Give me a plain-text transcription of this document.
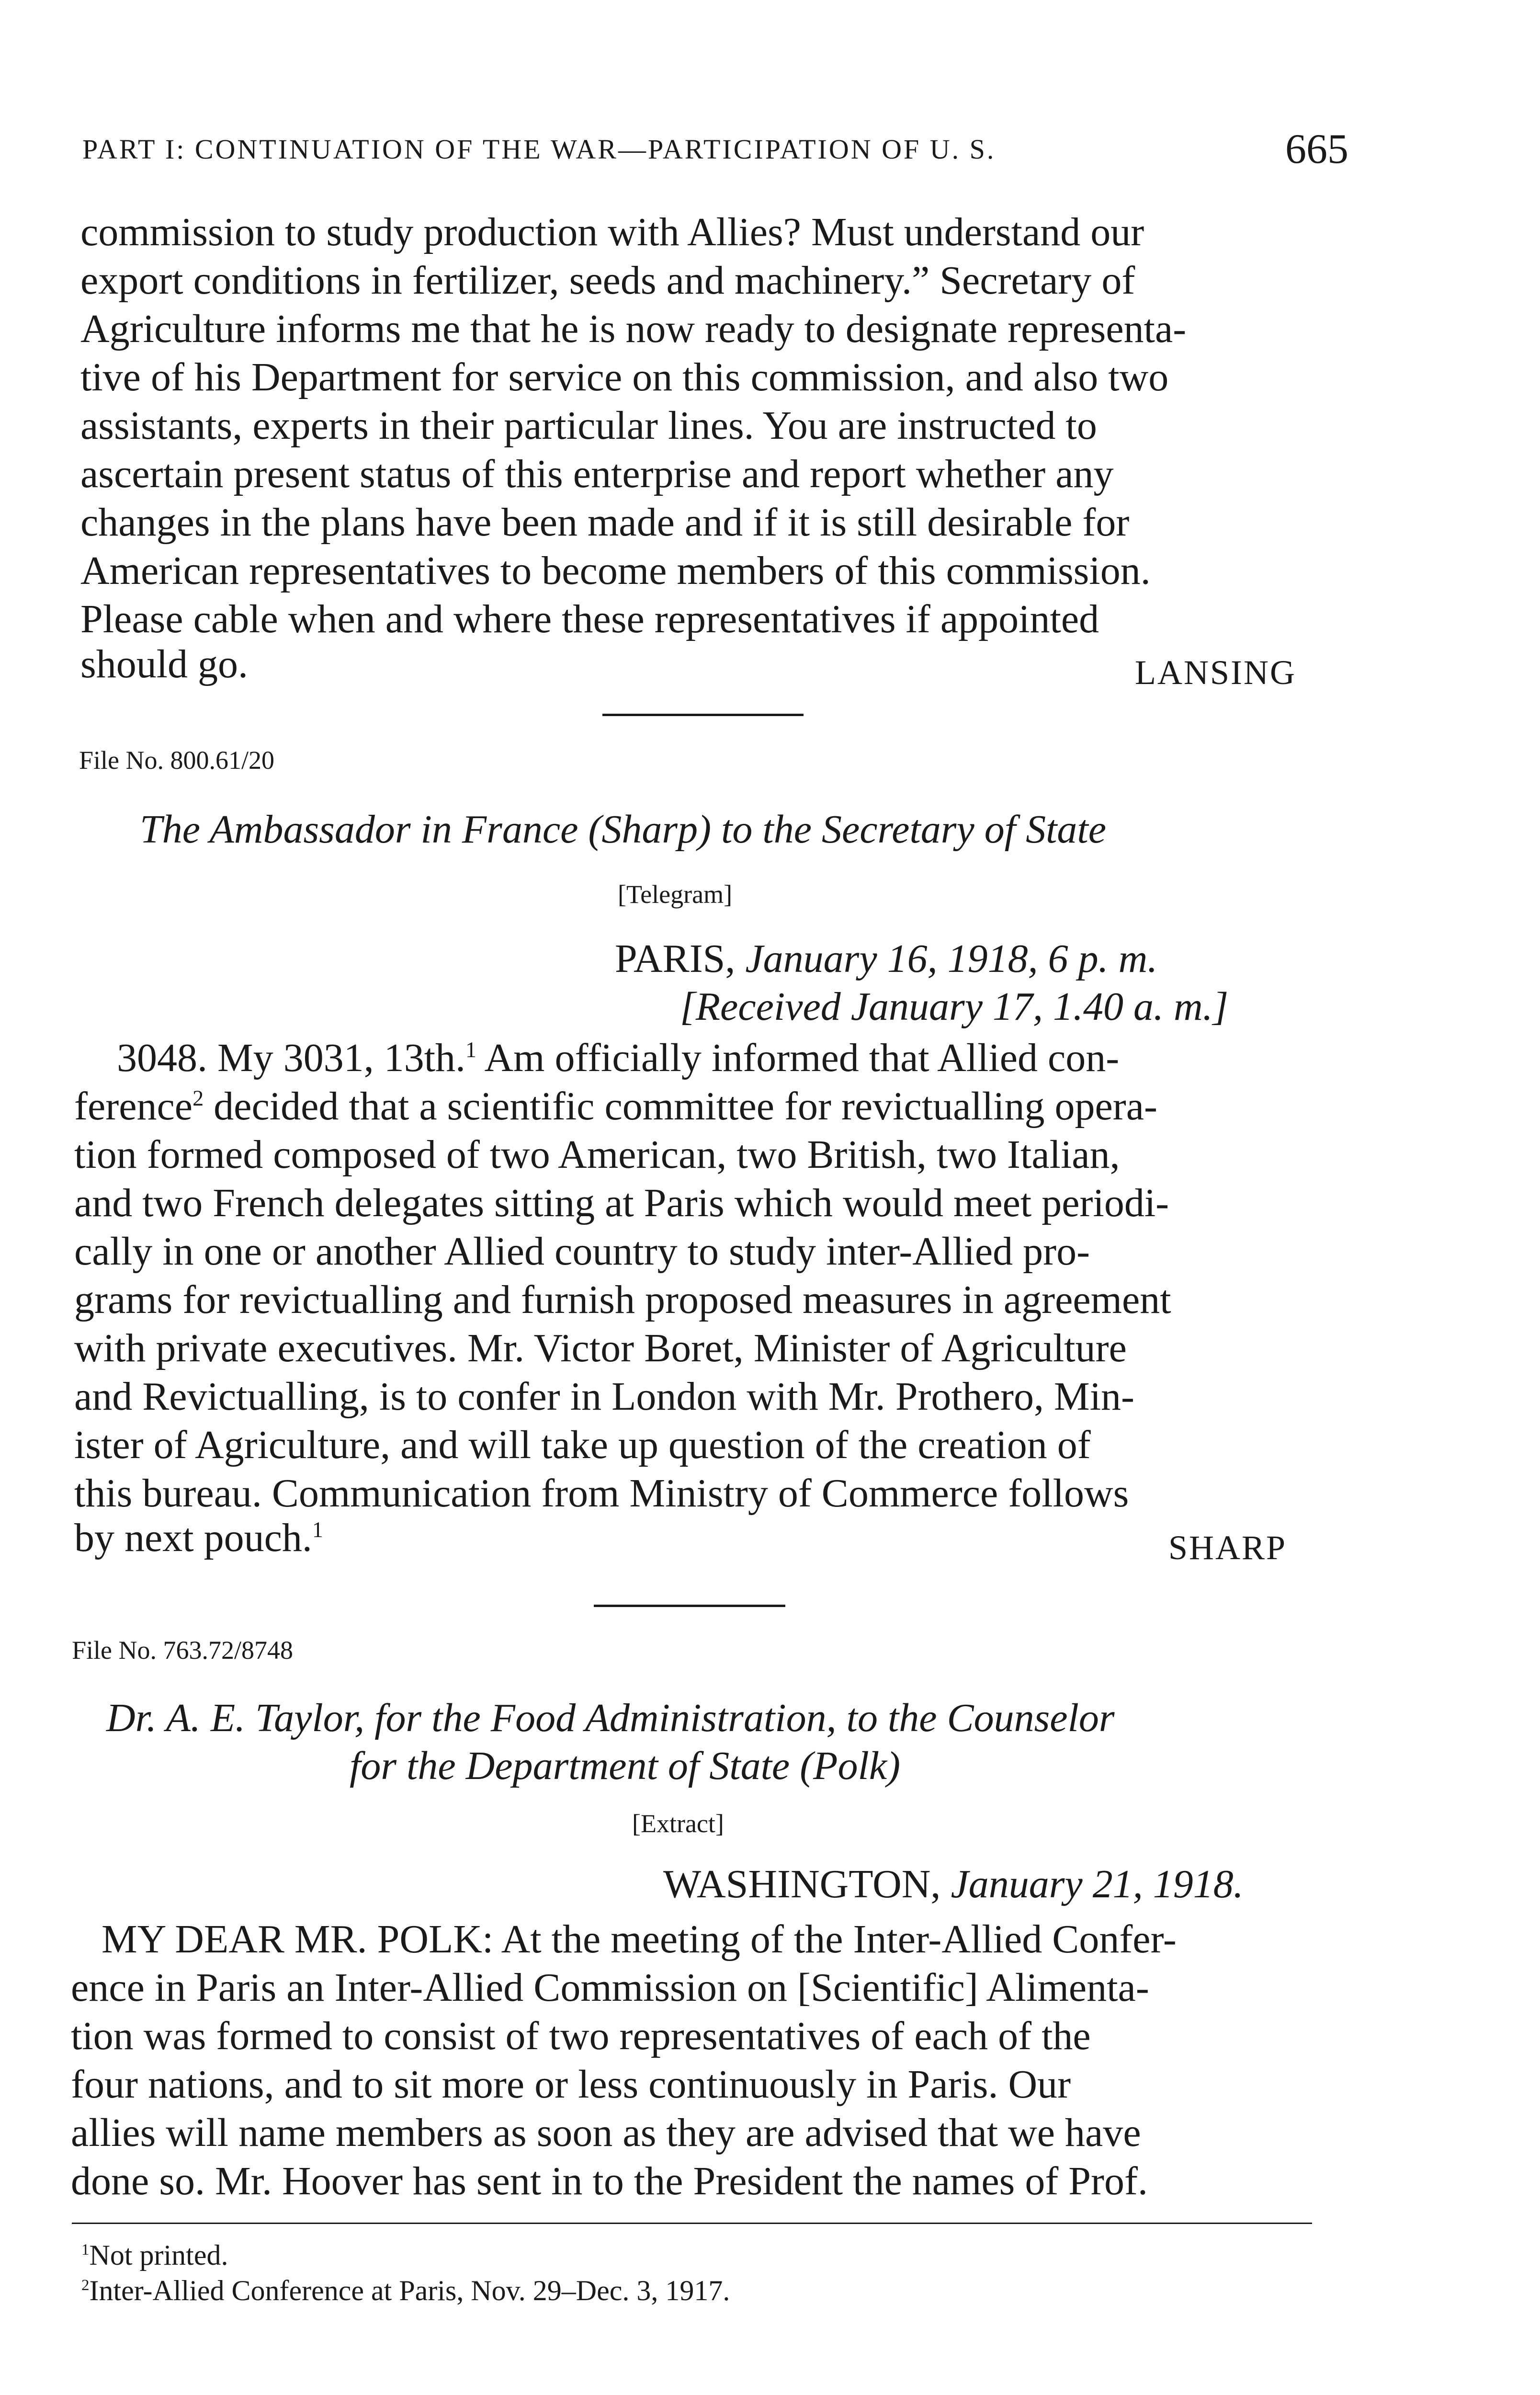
PART I: CONTINUATION OF THE WAR—PARTICIPATION OF U. S.	665
commission to study production with Allies? Must understand our
export conditions in fertilizer, seeds and machinery.” Secretary of
Agriculture informs me that he is now ready to designate representa-
tive of his Department for service on this commission, and also two
assistants, experts in their particular lines. You are instructed to
ascertain present status of this enterprise and report whether any
changes in the plans have been made and if it is still desirable for
American representatives to become members of this commission.
Please cable when and where these representatives if appointed
should go.	LANSING
File No. 800.61/20
The Ambassador in France (Sharp) to the Secretary of State
[Telegram]
PARIS, January 16, 1918, 6 p. m.
[Received January 17, 1.40 a. m.]
3048. My 3031, 13th.$^1$ Am officially informed that Allied con-
ference$^2$ decided that a scientific committee for revictualling opera-
tion formed composed of two American, two British, two Italian,
and two French delegates sitting at Paris which would meet periodi-
cally in one or another Allied country to study inter-Allied pro-
grams for revictualling and furnish proposed measures in agreement
with private executives. Mr. Victor Boret, Minister of Agriculture
and Revictualling, is to confer in London with Mr. Prothero, Min-
ister of Agriculture, and will take up question of the creation of
this bureau. Communication from Ministry of Commerce follows
by next pouch.$^1$	SHARP
File No. 763.72/8748
Dr. A. E. Taylor, for the Food Administration, to the Counselor
for the Department of State (Polk)
[Extract]
WASHINGTON, January 21, 1918.
MY DEAR MR. POLK: At the meeting of the Inter-Allied Confer-
ence in Paris an Inter-Allied Commission on [Scientific] Alimenta-
tion was formed to consist of two representatives of each of the
four nations, and to sit more or less continuously in Paris. Our
allies will name members as soon as they are advised that we have
done so. Mr. Hoover has sent in to the President the names of Prof.
$^1$Not printed.
$^2$Inter-Allied Conference at Paris, Nov. 29–Dec. 3, 1917.
